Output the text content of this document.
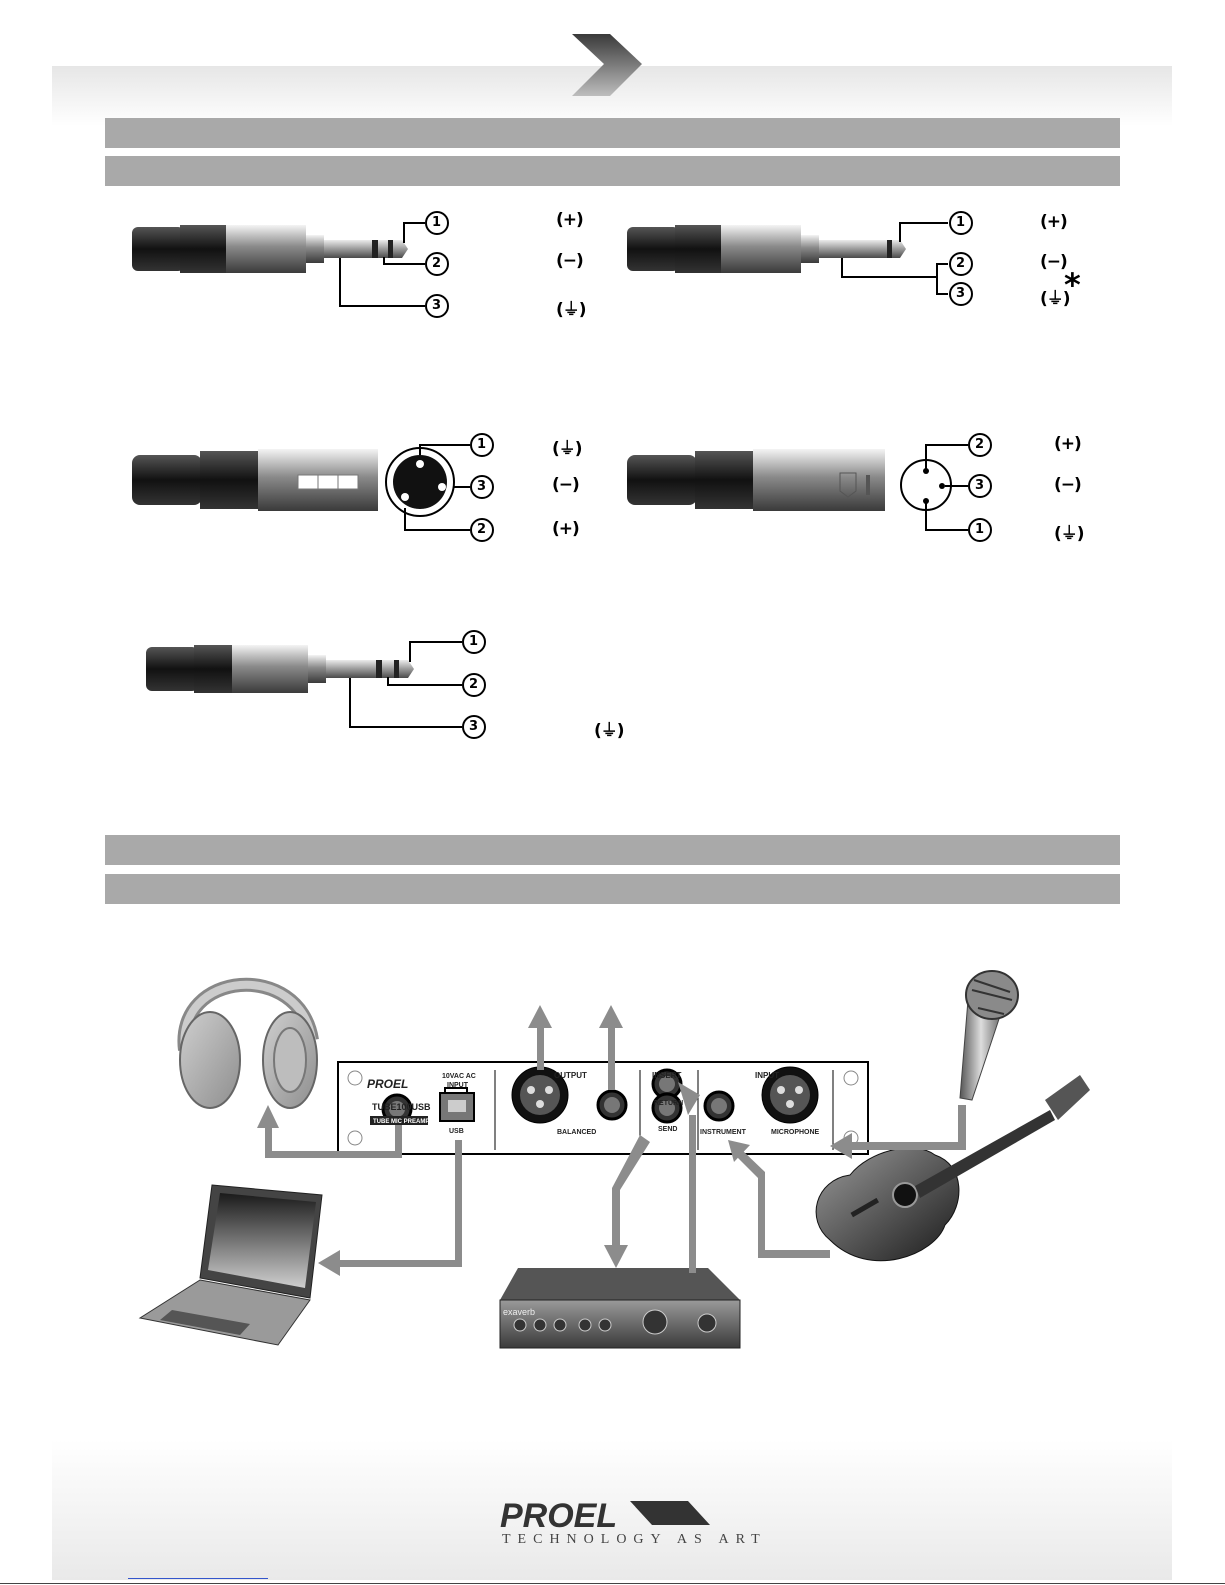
1
2
3
1
2
3
1
3
2
2
3
1
1
2
3
(+)
(−)
(⏚)
(+)
(−)
(⏚)
*
(⏚)
(−)
(+)
(+)
(−)
(⏚)
(⏚)
PROEL
TUBE100USB
TUBE MIC PREAMP
10VAC AC
INPUT
USB
OUTPUT
BALANCED
INSERT
RETURN
SEND
INPUT
INSTRUMENT	MICROPHONE
exaverb
PROEL
TECHNOLOGY AS ART
